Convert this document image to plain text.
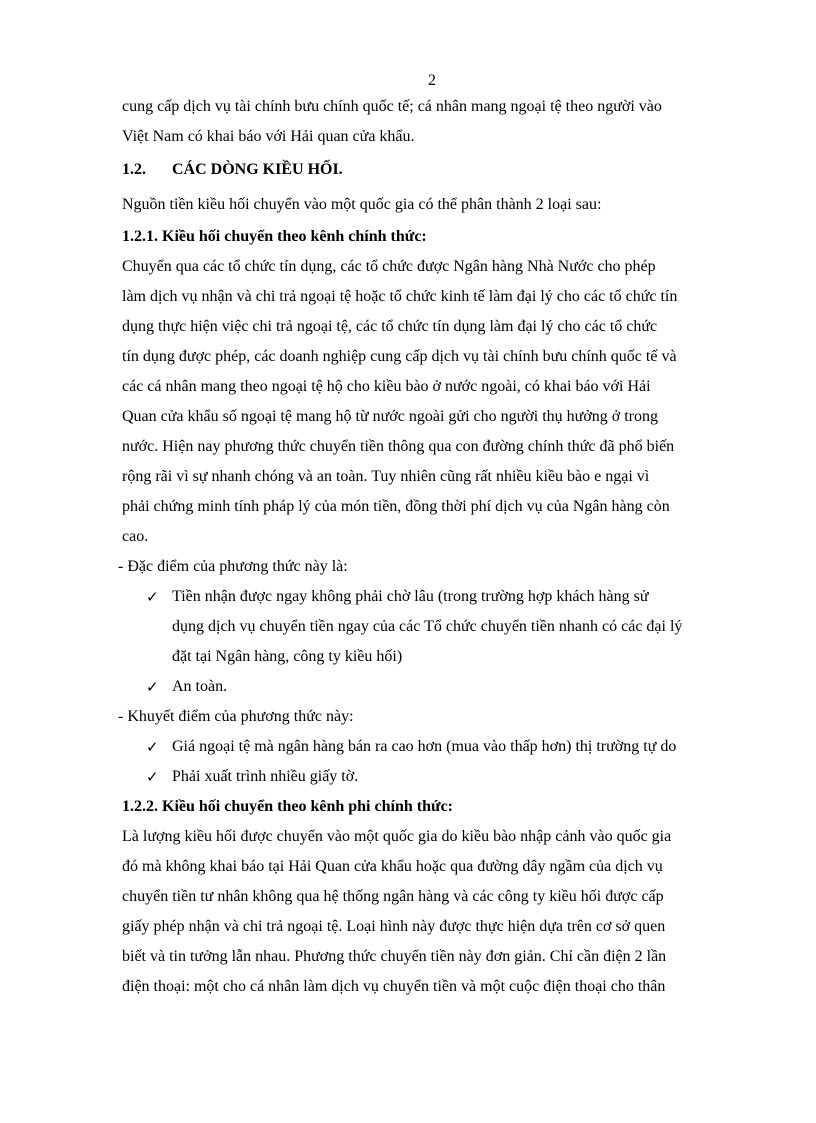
2
cung cấp dịch vụ tài chính bưu chính quốc tế; cá nhân mang ngoại tệ theo người vào
Việt Nam có khai báo với Hải quan cửa khẩu.
1.2. CÁC DÒNG KIỀU HỐI.
Nguồn tiền kiều hối chuyển vào một quốc gia có thể phân thành 2 loại sau:
1.2.1. Kiều hối chuyển theo kênh chính thức:
Chuyển qua các tổ chức tín dụng, các tổ chức được Ngân hàng Nhà Nước cho phép
làm dịch vụ nhận và chi trả ngoại tệ hoặc tổ chức kinh tế làm đại lý cho các tổ chức tín
dụng thực hiện việc chi trả ngoại tệ, các tổ chức tín dụng làm đại lý cho các tổ chức
tín dụng được phép, các doanh nghiệp cung cấp dịch vụ tài chính bưu chính quốc tế và
các cá nhân mang theo ngoại tệ hộ cho kiều bào ở nước ngoài, có khai báo với Hải
Quan cửa khẩu số ngoại tệ mang hộ từ nước ngoài gửi cho người thụ hưởng ở trong
nước. Hiện nay phương thức chuyển tiền thông qua con đường chính thức đã phổ biến
rộng rãi vì sự nhanh chóng và an toàn. Tuy nhiên cũng rất nhiều kiều bào e ngại vì
phải chứng minh tính pháp lý của món tiền, đồng thời phí dịch vụ của Ngân hàng còn
cao.
- Đặc điểm của phương thức này là:
✓ Tiền nhận được ngay không phải chờ lâu (trong trường hợp khách hàng sử
dụng dịch vụ chuyển tiền ngay của các Tổ chức chuyển tiền nhanh có các đại lý
đặt tại Ngân hàng, công ty kiều hối)
✓ An toàn.
- Khuyết điểm của phương thức này:
✓ Giá ngoại tệ mà ngân hàng bán ra cao hơn (mua vào thấp hơn) thị trường tự do
✓ Phải xuất trình nhiều giấy tờ.
1.2.2. Kiều hối chuyển theo kênh phi chính thức:
Là lượng kiều hối được chuyển vào một quốc gia do kiều bào nhập cảnh vào quốc gia
đó mà không khai báo tại Hải Quan cửa khẩu hoặc qua đường dây ngầm của dịch vụ
chuyển tiền tư nhân không qua hệ thống ngân hàng và các công ty kiều hối được cấp
giấy phép nhận và chi trả ngoại tệ. Loại hình này được thực hiện dựa trên cơ sở quen
biết và tin tưởng lẫn nhau. Phương thức chuyển tiền này đơn giản. Chỉ cần điện 2 lần
điện thoại: một cho cá nhân làm dịch vụ chuyển tiền và một cuộc điện thoại cho thân
